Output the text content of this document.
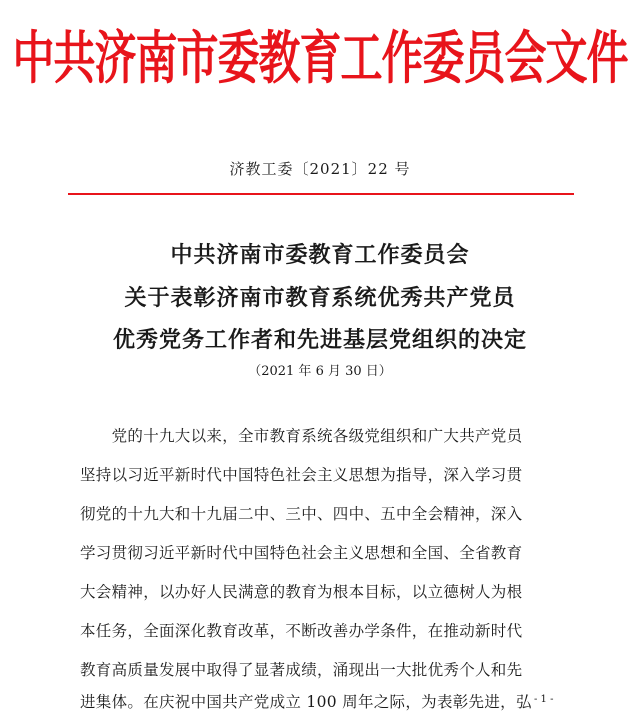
中共济南市委教育工作委员会文件
济教工委〔2021〕22 号
中共济南市委教育工作委员会
关于表彰济南市教育系统优秀共产党员
优秀党务工作者和先进基层党组织的决定
（2021 年 6 月 30 日）
　　党的十九大以来，全市教育系统各级党组织和广大共产党员
坚持以习近平新时代中国特色社会主义思想为指导，深入学习贯
彻党的十九大和十九届二中、三中、四中、五中全会精神，深入
学习贯彻习近平新时代中国特色社会主义思想和全国、全省教育
大会精神，以办好人民满意的教育为根本目标，以立德树人为根
本任务，全面深化教育改革，不断改善办学条件，在推动新时代
教育高质量发展中取得了显著成绩，涌现出一大批优秀个人和先
进集体。在庆祝中国共产党成立 100 周年之际，为表彰先进，弘 - 1 -
